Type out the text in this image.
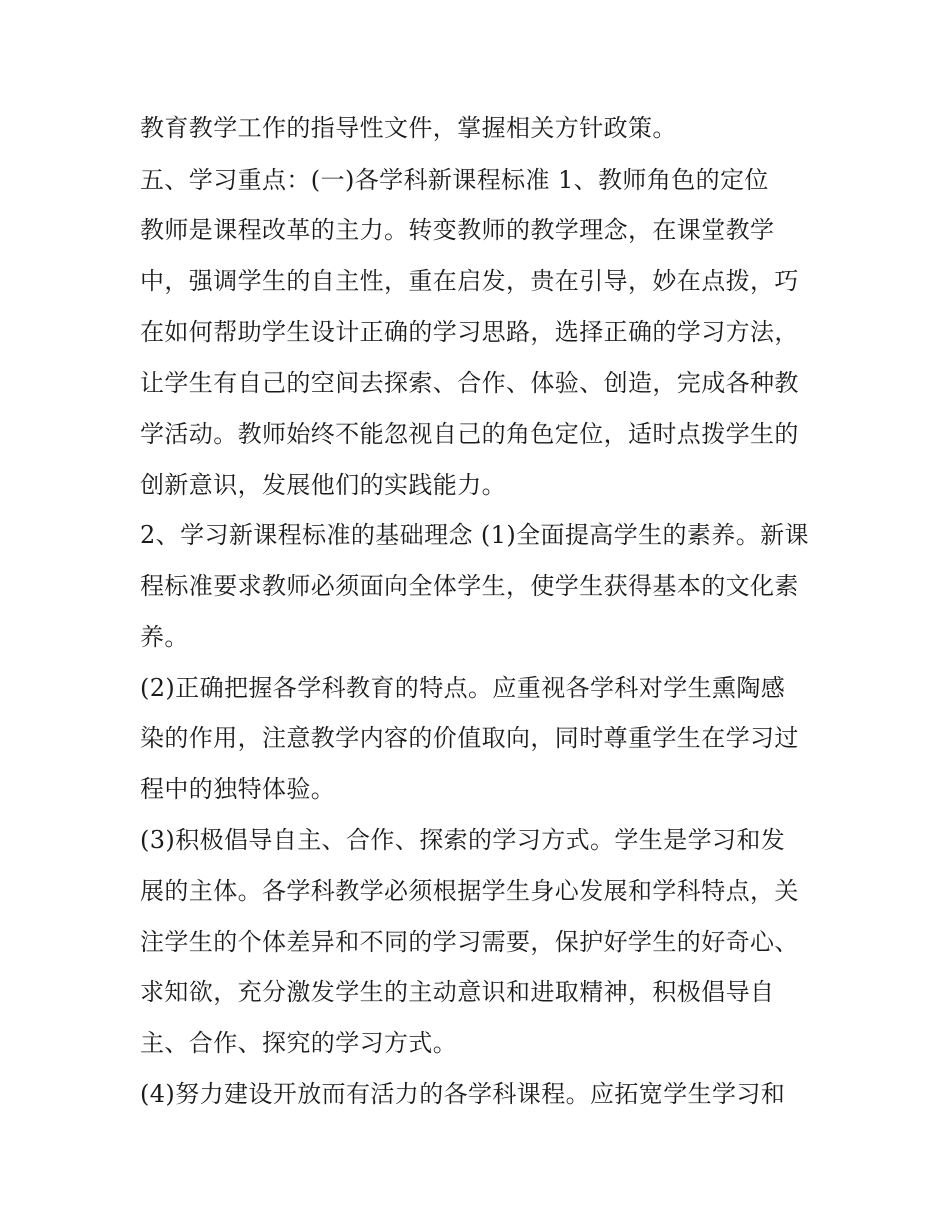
教育教学工作的指导性文件，掌握相关方针政策。
五、学习重点：(一)各学科新课程标准 1、教师角色的定位
教师是课程改革的主力。转变教师的教学理念，在课堂教学
中，强调学生的自主性，重在启发，贵在引导，妙在点拨，巧
在如何帮助学生设计正确的学习思路，选择正确的学习方法，
让学生有自己的空间去探索、合作、体验、创造，完成各种教
学活动。教师始终不能忽视自己的角色定位，适时点拨学生的
创新意识，发展他们的实践能力。
2、学习新课程标准的基础理念 (1)全面提高学生的素养。新课
程标准要求教师必须面向全体学生，使学生获得基本的文化素
养。
(2)正确把握各学科教育的特点。应重视各学科对学生熏陶感
染的作用，注意教学内容的价值取向，同时尊重学生在学习过
程中的独特体验。
(3)积极倡导自主、合作、探索的学习方式。学生是学习和发
展的主体。各学科教学必须根据学生身心发展和学科特点，关
注学生的个体差异和不同的学习需要，保护好学生的好奇心、
求知欲，充分激发学生的主动意识和进取精神，积极倡导自
主、合作、探究的学习方式。
(4)努力建设开放而有活力的各学科课程。应拓宽学生学习和
